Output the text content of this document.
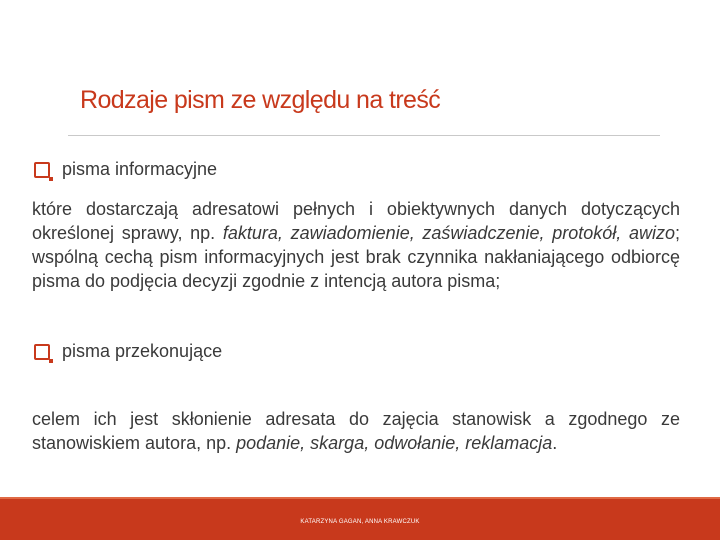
Rodzaje pism ze względu na treść
pisma informacyjne

które dostarczają adresatowi pełnych i obiektywnych danych dotyczących określonej sprawy, np. faktura, zawiadomienie, zaświadczenie, protokół, awizo; wspólną cechą pism informacyjnych jest brak czynnika nakłaniającego odbiorcę pisma do podjęcia decyzji zgodnie z intencją autora pisma;

pisma przekonujące

celem ich jest skłonienie adresata do zajęcia stanowisk a zgodnego ze stanowiskiem autora, np. podanie, skarga, odwołanie, reklamacja.

KATARZYNA GAGAN, ANNA KRAWCZUK
